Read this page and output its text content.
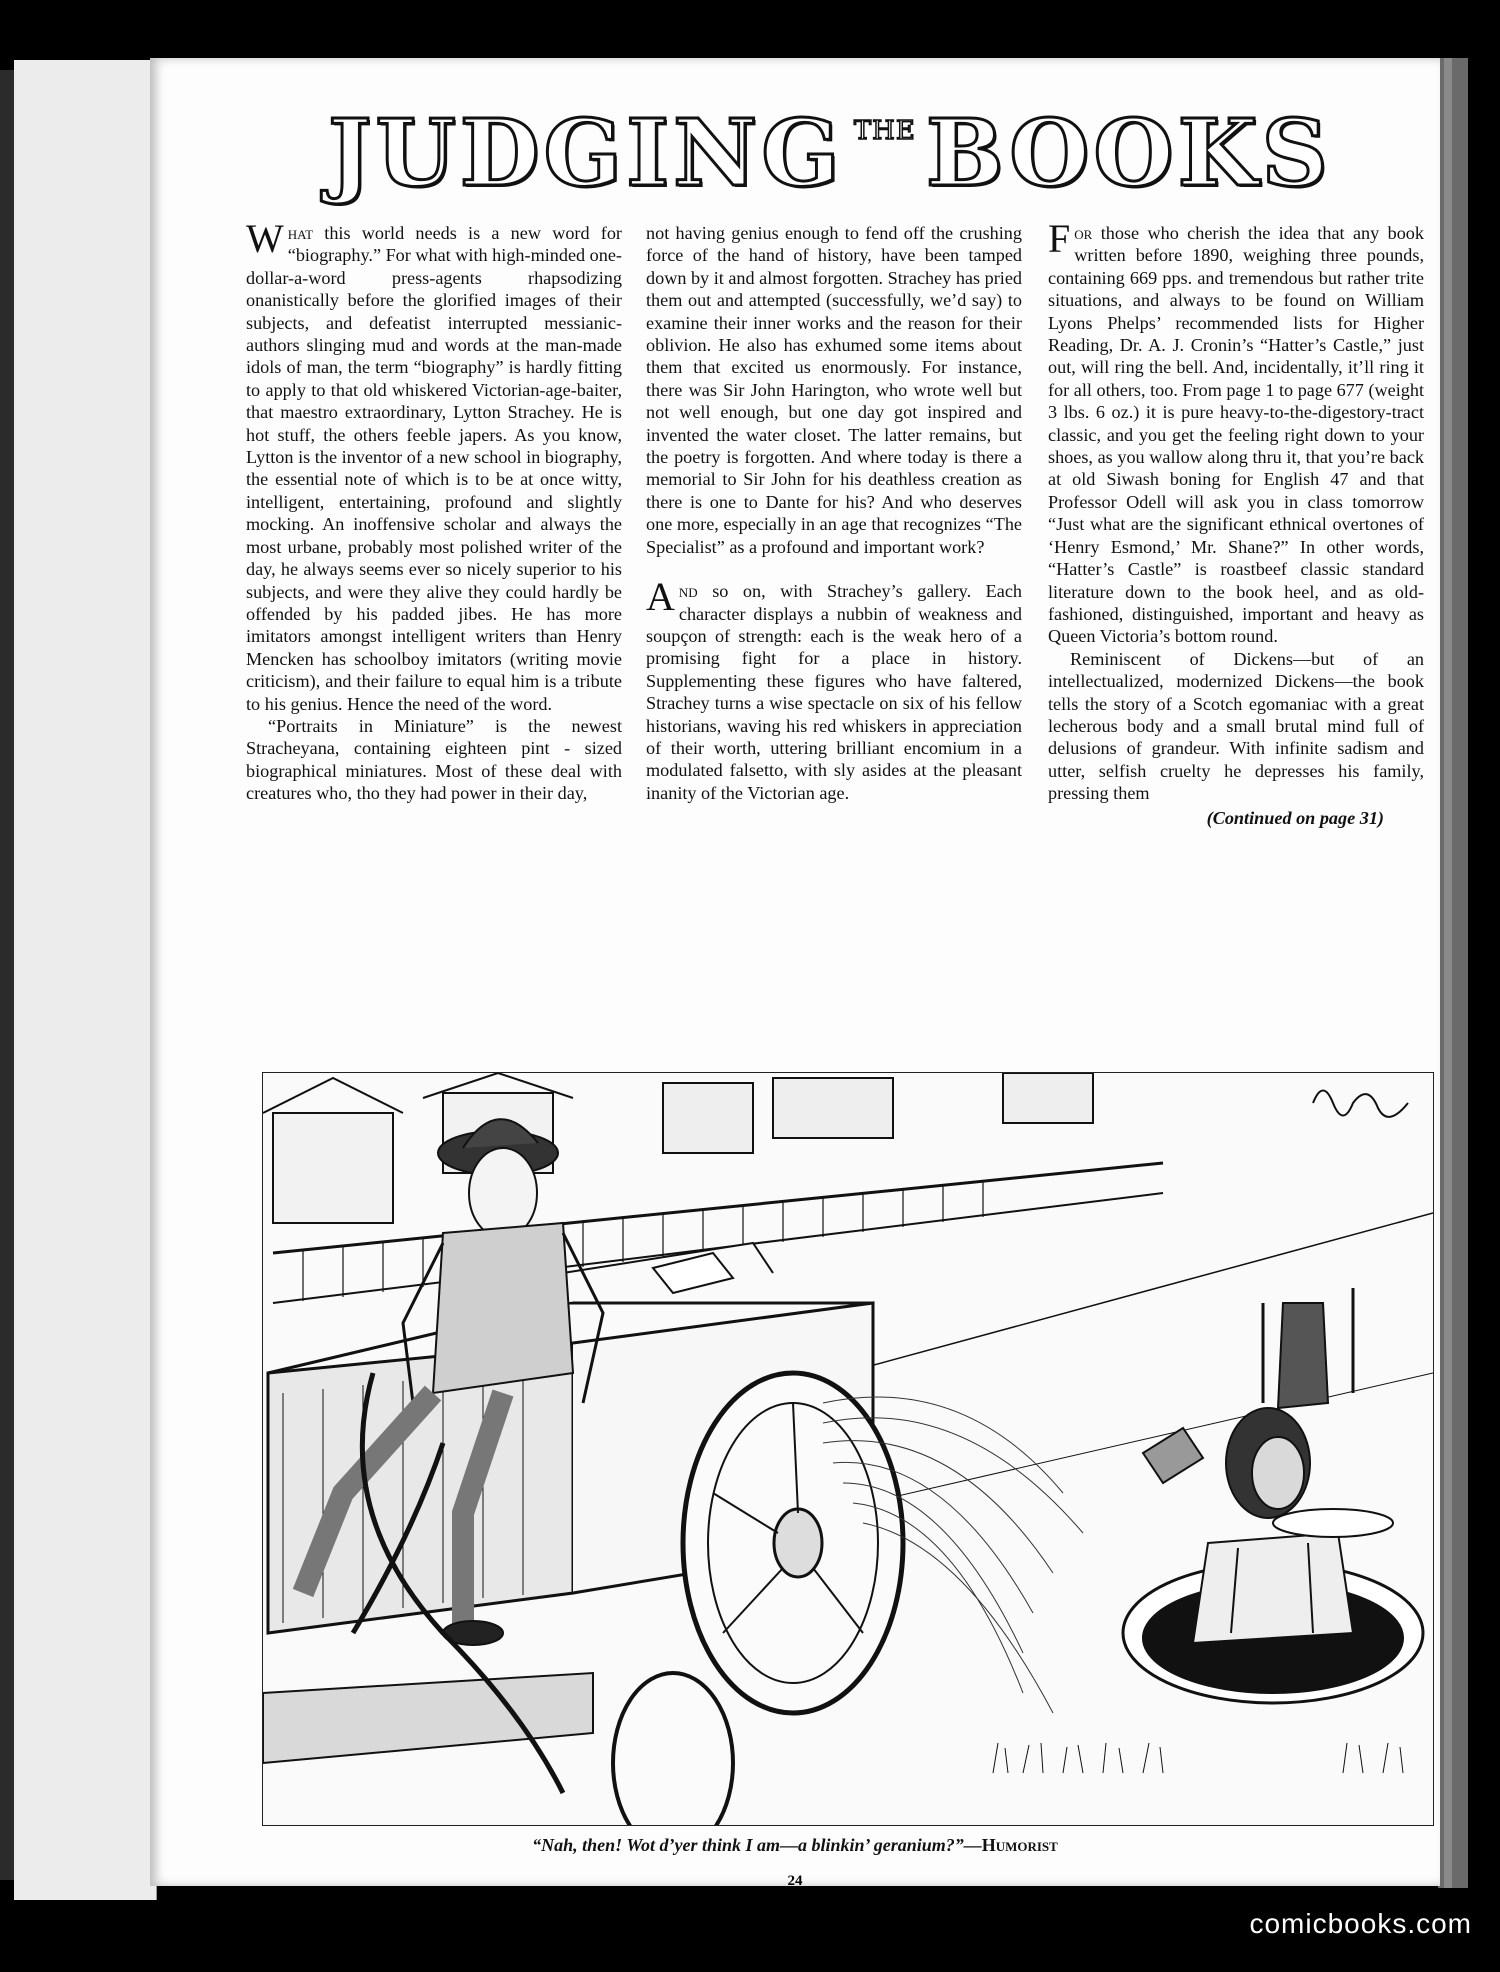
JUDGING THE BOOKS

What this world needs is a new word for “biography.” For what with high-minded one-dollar-a-word press-agents rhapsodizing onanistically before the glorified images of their subjects, and defeatist interrupted messianic-authors slinging mud and words at the man-made idols of man, the term “biography” is hardly fitting to apply to that old whiskered Victorian-age-baiter, that maestro extraordinary, Lytton Strachey. He is hot stuff, the others feeble japers. As you know, Lytton is the inventor of a new school in biography, the essential note of which is to be at once witty, intelligent, entertaining, profound and slightly mocking. An inoffensive scholar and always the most urbane, probably most polished writer of the day, he always seems ever so nicely superior to his subjects, and were they alive they could hardly be offended by his padded jibes. He has more imitators amongst intelligent writers than Henry Mencken has schoolboy imitators (writing movie criticism), and their failure to equal him is a tribute to his genius. Hence the need of the word.

“Portraits in Miniature” is the newest Stracheyana, containing eighteen pint - sized biographical miniatures. Most of these deal with creatures who, tho they had power in their day,

not having genius enough to fend off the crushing force of the hand of history, have been tamped down by it and almost forgotten. Strachey has pried them out and attempted (successfully, we’d say) to examine their inner works and the reason for their oblivion. He also has exhumed some items about them that excited us enormously. For instance, there was Sir John Harington, who wrote well but not well enough, but one day got inspired and invented the water closet. The latter remains, but the poetry is forgotten. And where today is there a memorial to Sir John for his deathless creation as there is one to Dante for his? And who deserves one more, especially in an age that recognizes “The Specialist” as a profound and important work?

And so on, with Strachey’s gallery. Each character displays a nubbin of weakness and soupçon of strength: each is the weak hero of a promising fight for a place in history. Supplementing these figures who have faltered, Strachey turns a wise spectacle on six of his fellow historians, waving his red whiskers in appreciation of their worth, uttering brilliant encomium in a modulated falsetto, with sly asides at the pleasant inanity of the Victorian age.

For those who cherish the idea that any book written before 1890, weighing three pounds, containing 669 pps. and tremendous but rather trite situations, and always to be found on William Lyons Phelps’ recommended lists for Higher Reading, Dr. A. J. Cronin’s “Hatter’s Castle,” just out, will ring the bell. And, incidentally, it’ll ring it for all others, too. From page 1 to page 677 (weight 3 lbs. 6 oz.) it is pure heavy-to-the-digestory-tract classic, and you get the feeling right down to your shoes, as you wallow along thru it, that you’re back at old Siwash boning for English 47 and that Professor Odell will ask you in class tomorrow “Just what are the significant ethnical overtones of ‘Henry Esmond,’ Mr. Shane?” In other words, “Hatter’s Castle” is roastbeef classic standard literature down to the book heel, and as old-fashioned, distinguished, important and heavy as Queen Victoria’s bottom round.

Reminiscent of Dickens—but of an intellectualized, modernized Dickens—the book tells the story of a Scotch egomaniac with a great lecherous body and a small brutal mind full of delusions of grandeur. With infinite sadism and utter, selfish cruelty he depresses his family, pressing them

(Continued on page 31)
“Nah, then! Wot d’yer think I am—a blinkin’ geranium?”—Humorist
24
comicbooks.com
